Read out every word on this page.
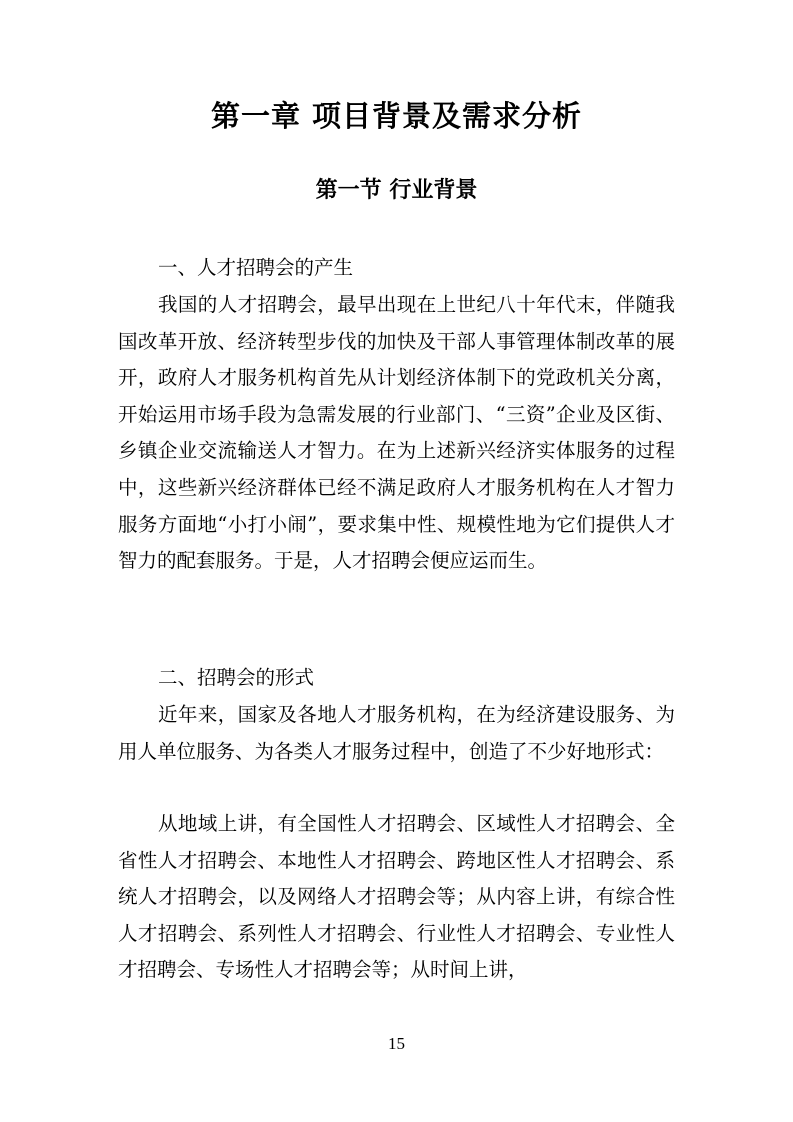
第一章 项目背景及需求分析
第一节 行业背景

一、人才招聘会的产生

我国的人才招聘会，最早出现在上世纪八十年代末，伴随我国改革开放、经济转型步伐的加快及干部人事管理体制改革的展开，政府人才服务机构首先从计划经济体制下的党政机关分离，开始运用市场手段为急需发展的行业部门、“三资”企业及区街、乡镇企业交流输送人才智力。在为上述新兴经济实体服务的过程中，这些新兴经济群体已经不满足政府人才服务机构在人才智力服务方面地“小打小闹”，要求集中性、规模性地为它们提供人才智力的配套服务。于是，人才招聘会便应运而生。

二、招聘会的形式

近年来，国家及各地人才服务机构，在为经济建设服务、为用人单位服务、为各类人才服务过程中，创造了不少好地形式：

从地域上讲，有全国性人才招聘会、区域性人才招聘会、全省性人才招聘会、本地性人才招聘会、跨地区性人才招聘会、系统人才招聘会，以及网络人才招聘会等；从内容上讲，有综合性人才招聘会、系列性人才招聘会、行业性人才招聘会、专业性人才招聘会、专场性人才招聘会等；从时间上讲，

15
